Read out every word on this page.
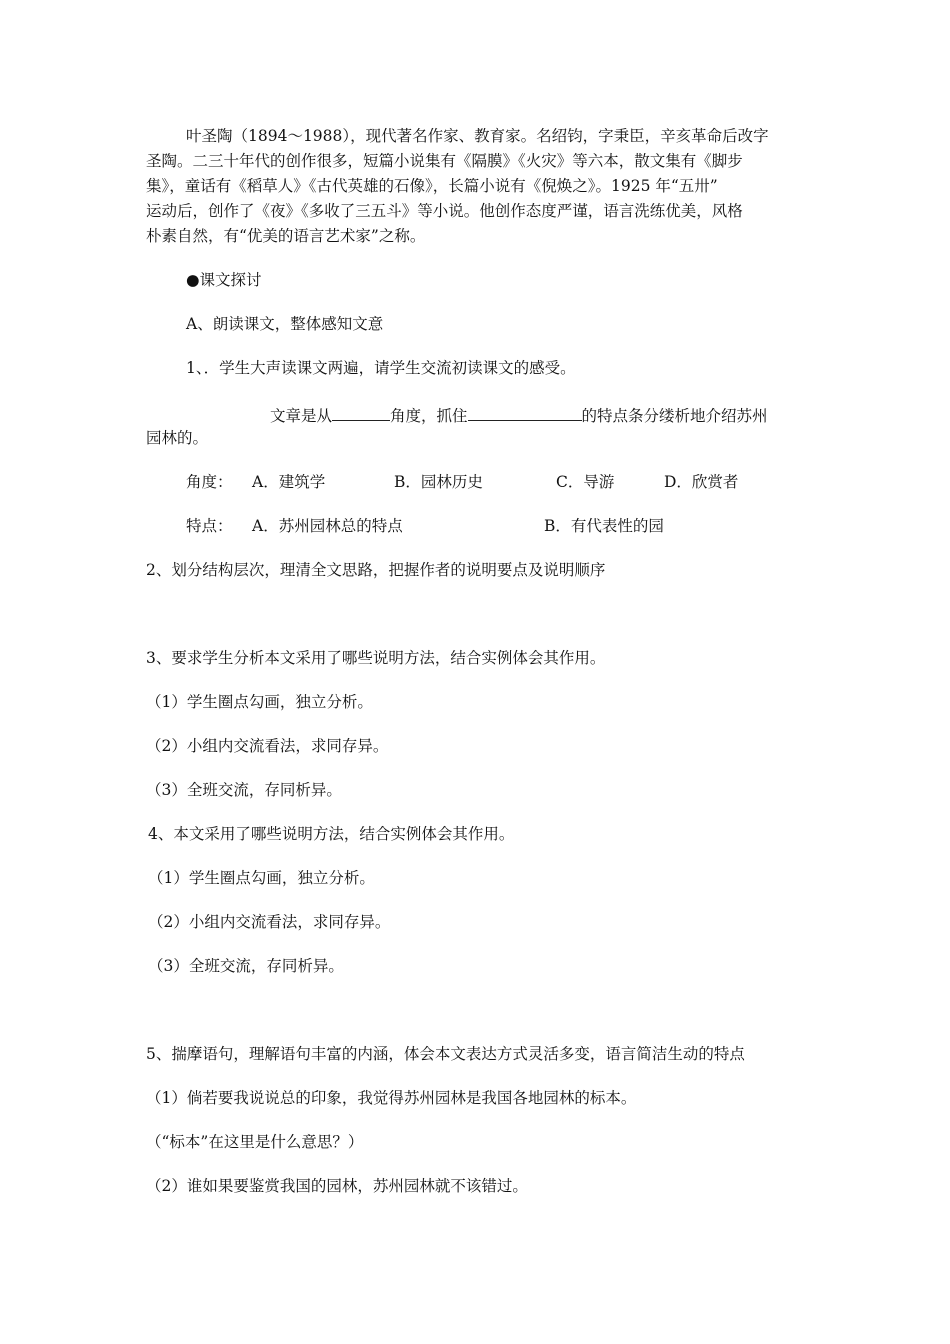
叶圣陶（1894～1988），现代著名作家、教育家。名绍钧，字秉臣，辛亥革命后改字
圣陶。二三十年代的创作很多，短篇小说集有《隔膜》《火灾》等六本，散文集有《脚步
集》，童话有《稻草人》《古代英雄的石像》，长篇小说有《倪焕之》。1925 年“五卅”
运动后，创作了《夜》《多收了三五斗》等小说。他创作态度严谨，语言洗练优美，风格
朴素自然，有“优美的语言艺术家”之称。
●课文探讨
A、朗读课文，整体感知文意
1、．学生大声读课文两遍，请学生交流初读课文的感受。
文章是从	角度，抓住	的特点条分缕析地介绍苏州
园林的。
角度： A．建筑学	B．园林历史	C．导游	D．欣赏者
特点： A．苏州园林总的特点	B．有代表性的园
2、划分结构层次，理清全文思路，把握作者的说明要点及说明顺序
3、要求学生分析本文采用了哪些说明方法，结合实例体会其作用。
（1）学生圈点勾画，独立分析。
（2）小组内交流看法，求同存异。
（3）全班交流，存同析异。
4、本文采用了哪些说明方法，结合实例体会其作用。
（1）学生圈点勾画，独立分析。
（2）小组内交流看法，求同存异。
（3）全班交流，存同析异。
5、揣摩语句，理解语句丰富的内涵，体会本文表达方式灵活多变，语言简洁生动的特点
（1）倘若要我说说总的印象，我觉得苏州园林是我国各地园林的标本。
（“标本”在这里是什么意思？）
（2）谁如果要鉴赏我国的园林，苏州园林就不该错过。
